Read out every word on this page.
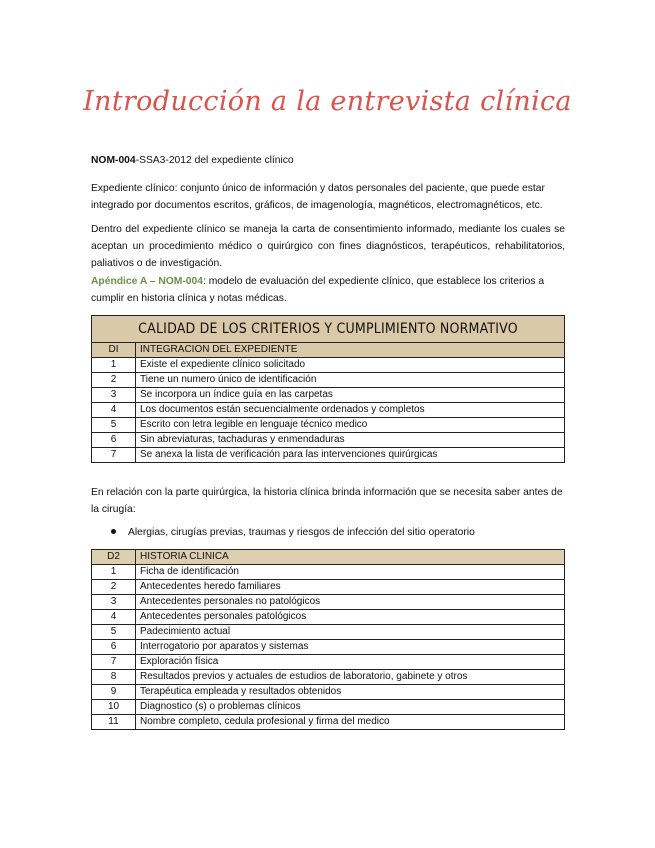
Introducción a la entrevista clínica

NOM-004-SSA3-2012 del expediente clínico

Expediente clínico: conjunto único de información y datos personales del paciente, que puede estar integrado por documentos escritos, gráficos, de imagenología, magnéticos, electromagnéticos, etc.

Dentro del expediente clínico se maneja la carta de consentimiento informado, mediante los cuales se aceptan un procedimiento médico o quirúrgico con fines diagnósticos, terapéuticos, rehabilitatorios, paliativos o de investigación.

Apéndice A – NOM-004: modelo de evaluación del expediente clínico, que establece los criterios a cumplir en historia clínica y notas médicas.

CALIDAD DE LOS CRITERIOS Y CUMPLIMIENTO NORMATIVO	
DI	INTEGRACION DEL EXPEDIENTE
1	Existe el expediente clínico solicitado
2	Tiene un numero único de identificación
3	Se incorpora un índice guía en las carpetas
4	Los documentos están secuencialmente ordenados y completos
5	Escrito con letra legible en lenguaje técnico medico
6	Sin abreviaturas, tachaduras y enmendaduras
7	Se anexa la lista de verificación para las intervenciones quirúrgicas

En relación con la parte quirúrgica, la historia clínica brinda información que se necesita saber antes de la cirugía:

Alergias, cirugías previas, traumas y riesgos de infección del sitio operatorio
D2	HISTORIA CLINICA
1	Ficha de identificación
2	Antecedentes heredo familiares
3	Antecedentes personales no patológicos
4	Antecedentes personales patológicos
5	Padecimiento actual
6	Interrogatorio por aparatos y sistemas
7	Exploración física
8	Resultados previos y actuales de estudios de laboratorio, gabinete y otros
9	Terapéutica empleada y resultados obtenidos
10	Diagnostico (s) o problemas clínicos
11	Nombre completo, cedula profesional y firma del medico
